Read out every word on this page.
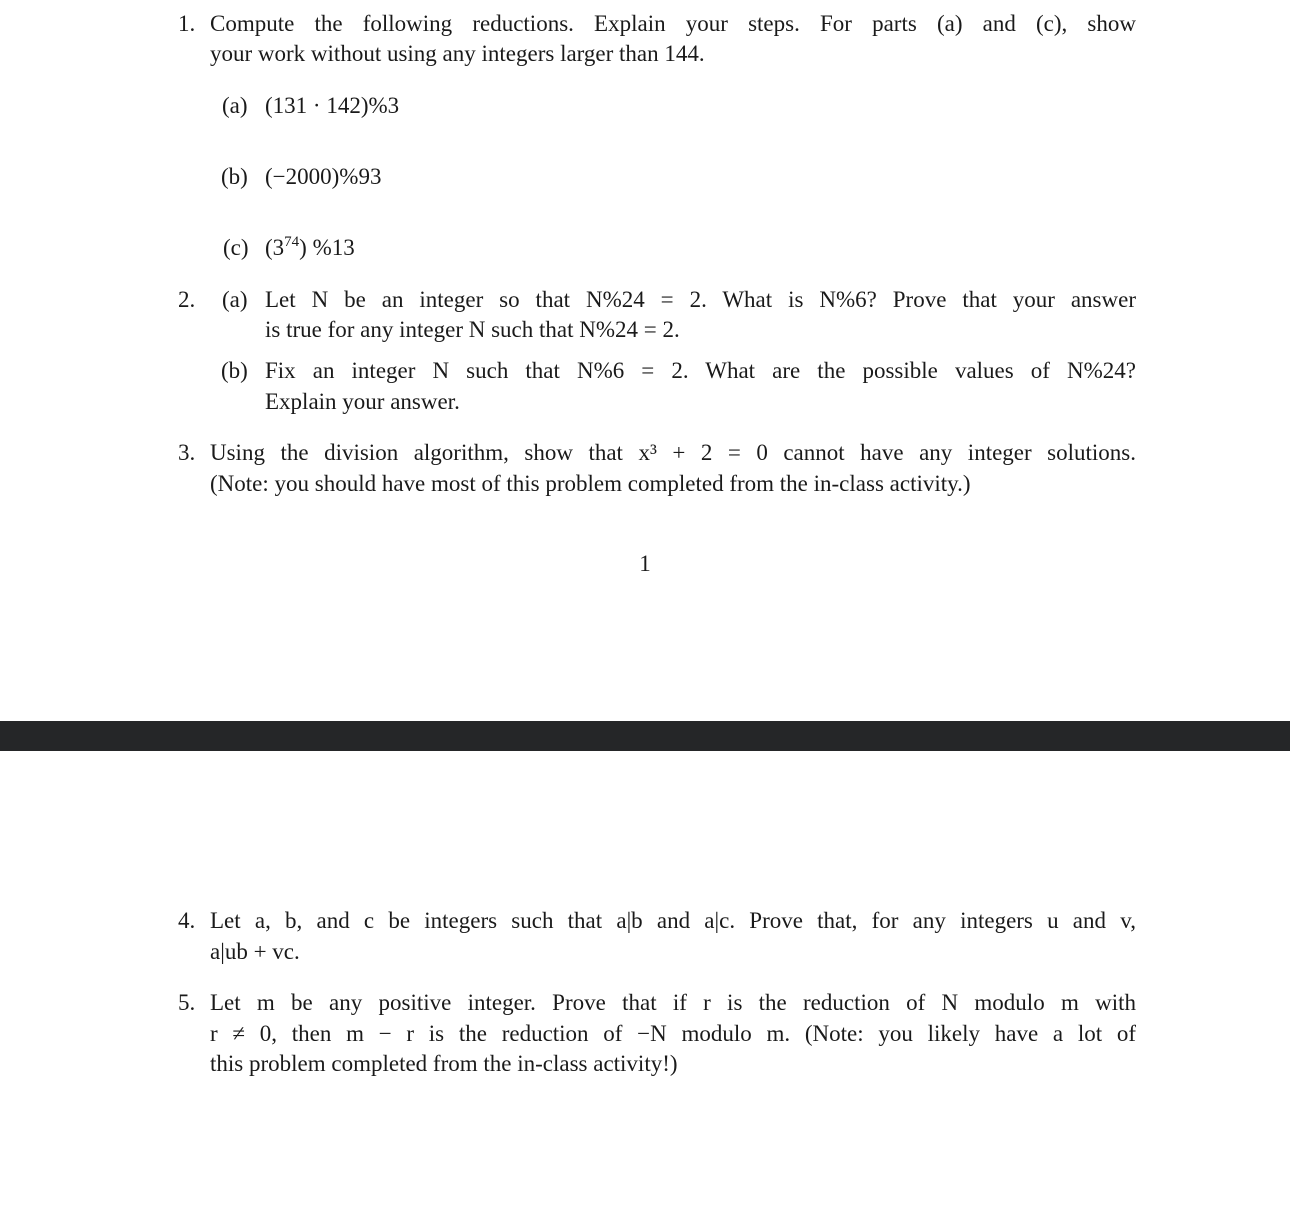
1. Compute the following reductions. Explain your steps. For parts (a) and (c), show
your work without using any integers larger than 144.
(a) (131 · 142)%3
(b) (−2000)%93
(c) $(3^{74})$ %13
2. (a) Let N be an integer so that N%24 = 2. What is N%6? Prove that your answer
is true for any integer N such that N%24 = 2.
(b) Fix an integer N such that N%6 = 2. What are the possible values of N%24?
Explain your answer.
3. Using the division algorithm, show that x³ + 2 = 0 cannot have any integer solutions.
(Note: you should have most of this problem completed from the in-class activity.)
1
4. Let a, b, and c be integers such that a|b and a|c. Prove that, for any integers u and v,
a|ub + vc.
5. Let m be any positive integer. Prove that if r is the reduction of N modulo m with
r ≠ 0, then m − r is the reduction of −N modulo m. (Note: you likely have a lot of
this problem completed from the in-class activity!)
